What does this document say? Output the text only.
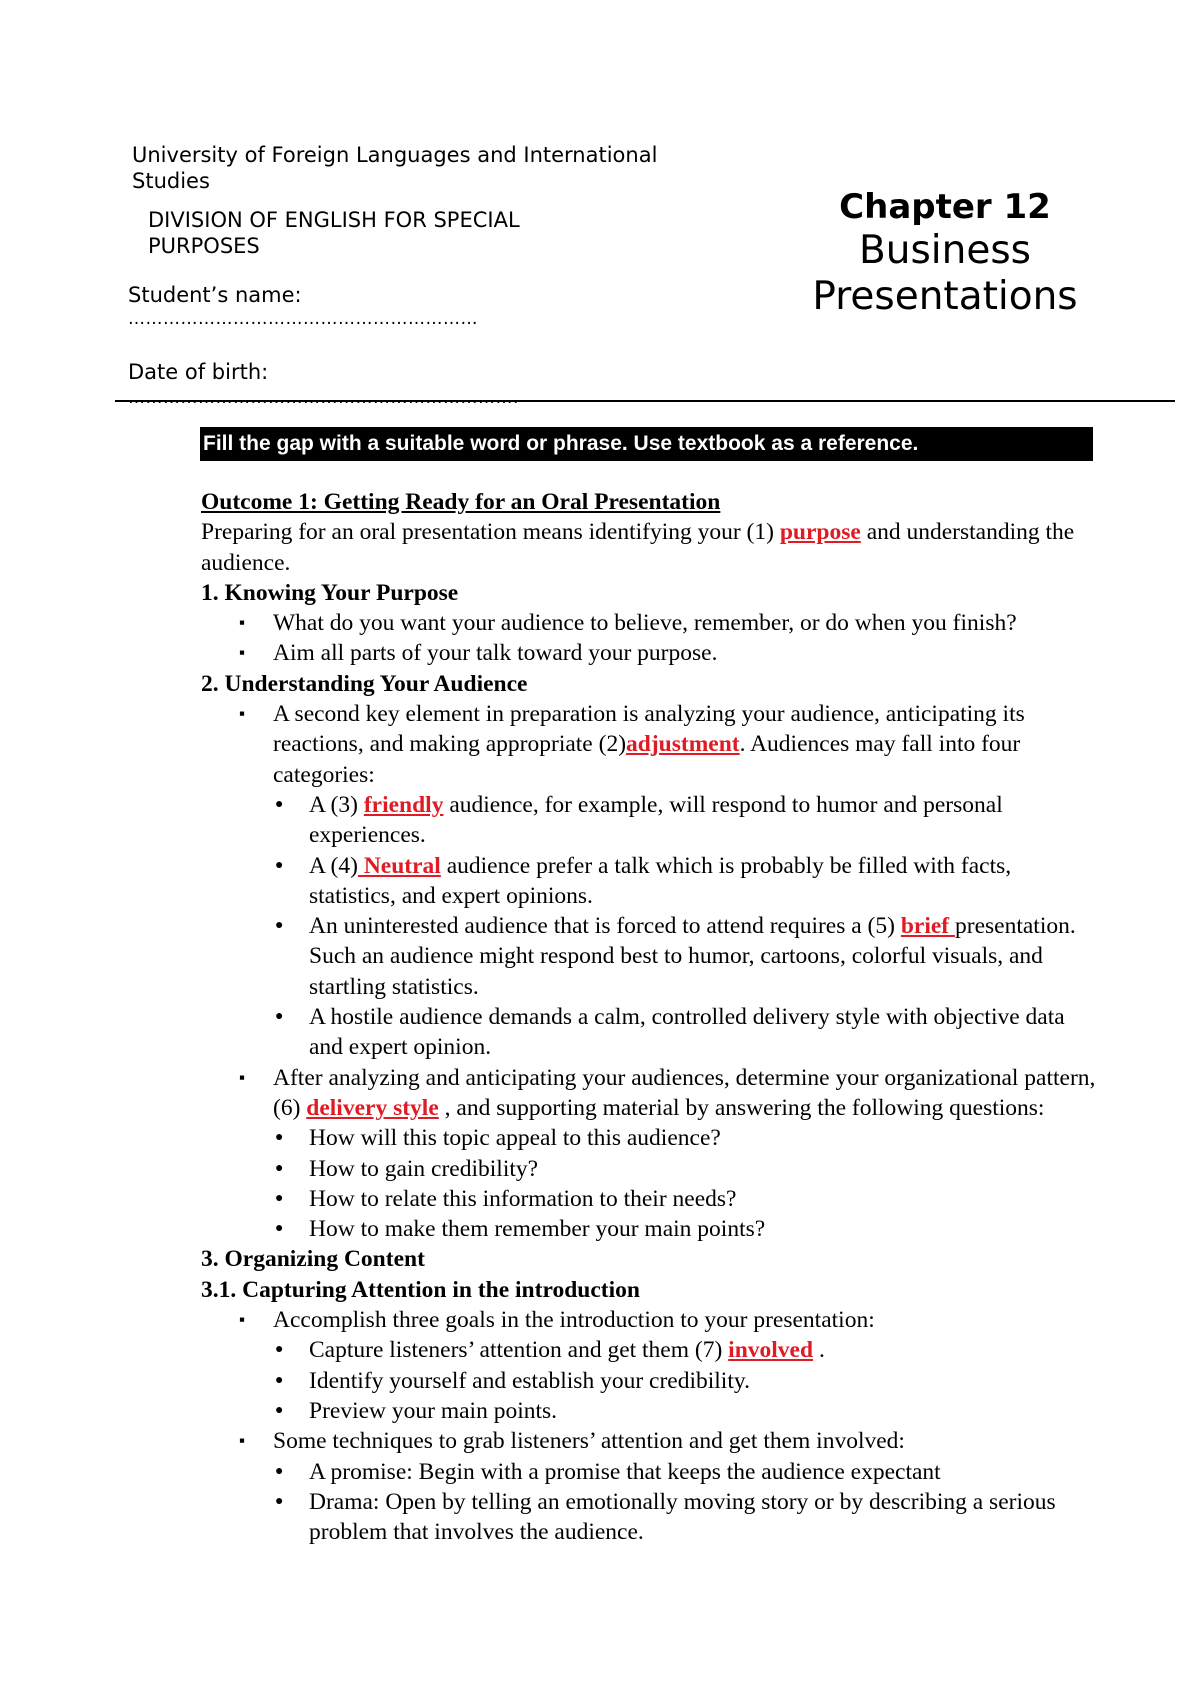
University of Foreign Languages and International Studies
DIVISION OF ENGLISH FOR SPECIAL PURPOSES
Student’s name:
……………………………………………………
Date of birth:
………………………………………………………….
Chapter 12
Business
Presentations
Fill the gap with a suitable word or phrase. Use textbook as a reference.

Outcome 1: Getting Ready for an Oral Presentation

Preparing for an oral presentation means identifying your (1) purpose and understanding the audience.

1. Knowing Your Purpose

▪ What do you want your audience to believe, remember, or do when you finish?
▪ Aim all parts of your talk toward your purpose.

2. Understanding Your Audience

▪ A second key element in preparation is analyzing your audience, anticipating its reactions, and making appropriate (2)adjustment. Audiences may fall into four categories:
● A (3) friendly audience, for example, will respond to humor and personal experiences.
● A (4) Neutral audience prefer a talk which is probably be filled with facts, statistics, and expert opinions.
● An uninterested audience that is forced to attend requires a (5) brief presentation. Such an audience might respond best to humor, cartoons, colorful visuals, and startling statistics.
● A hostile audience demands a calm, controlled delivery style with objective data and expert opinion.
▪ After analyzing and anticipating your audiences, determine your organizational pattern, (6) delivery style , and supporting material by answering the following questions:
● How will this topic appeal to this audience?
● How to gain credibility?
● How to relate this information to their needs?
● How to make them remember your main points?

3. Organizing Content

3.1. Capturing Attention in the introduction

▪ Accomplish three goals in the introduction to your presentation:
● Capture listeners’ attention and get them (7) involved .
● Identify yourself and establish your credibility.
● Preview your main points.
▪ Some techniques to grab listeners’ attention and get them involved:
● A promise: Begin with a promise that keeps the audience expectant
● Drama: Open by telling an emotionally moving story or by describing a serious problem that involves the audience.
